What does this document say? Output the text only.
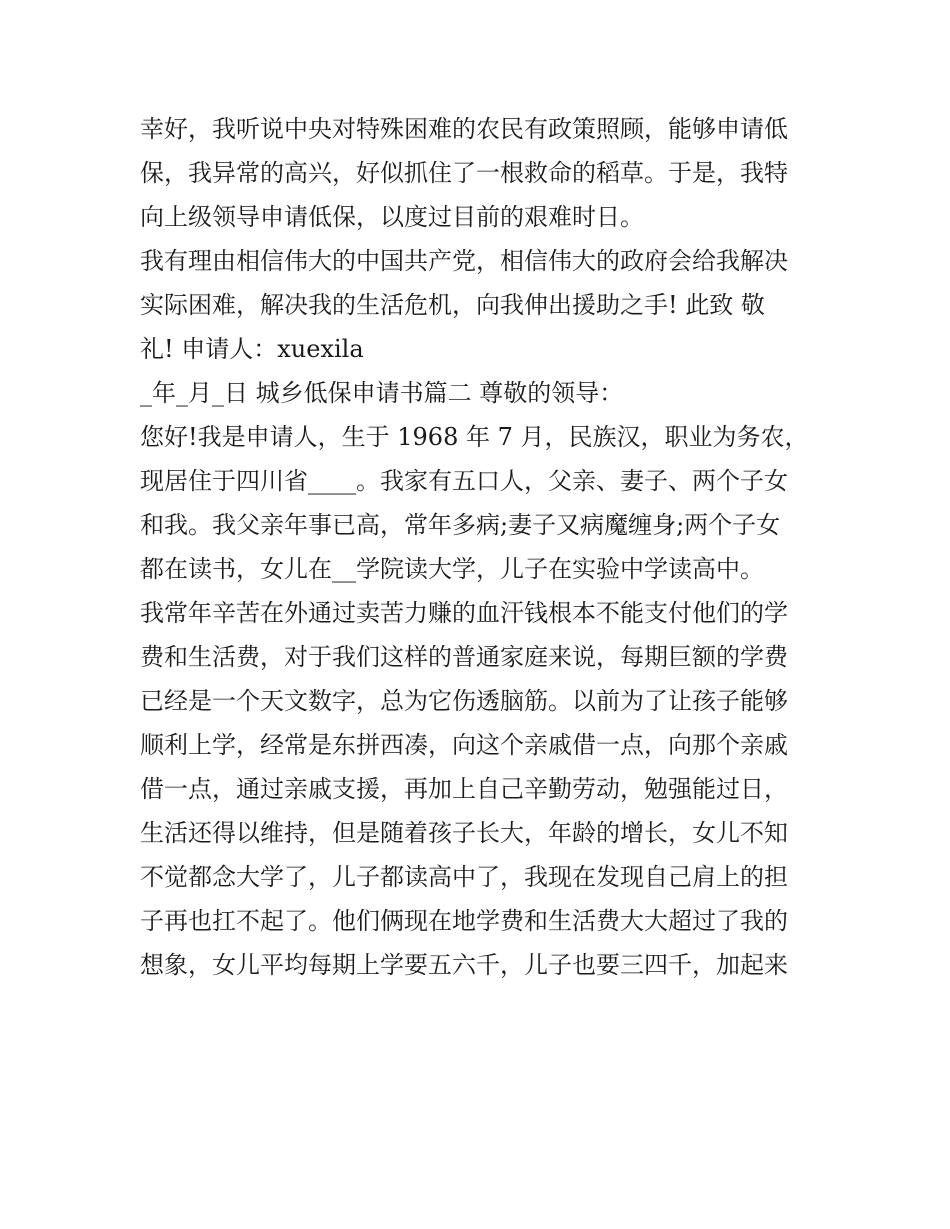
幸好，我听说中央对特殊困难的农民有政策照顾，能够申请低
保，我异常的高兴，好似抓住了一根救命的稻草。于是，我特
向上级领导申请低保，以度过目前的艰难时日。
我有理由相信伟大的中国共产党，相信伟大的政府会给我解决
实际困难，解决我的生活危机，向我伸出援助之手! 此致 敬
礼! 申请人：xuexila
_年_月_日 城乡低保申请书篇二 尊敬的领导：
您好!我是申请人，生于 1968 年 7 月，民族汉，职业为务农，
现居住于四川省____。我家有五口人，父亲、妻子、两个子女
和我。我父亲年事已高，常年多病;妻子又病魔缠身;两个子女
都在读书，女儿在__学院读大学，儿子在实验中学读高中。
我常年辛苦在外通过卖苦力赚的血汗钱根本不能支付他们的学
费和生活费，对于我们这样的普通家庭来说，每期巨额的学费
已经是一个天文数字，总为它伤透脑筋。以前为了让孩子能够
顺利上学，经常是东拼西凑，向这个亲戚借一点，向那个亲戚
借一点，通过亲戚支援，再加上自己辛勤劳动，勉强能过日，
生活还得以维持，但是随着孩子长大，年龄的增长，女儿不知
不觉都念大学了，儿子都读高中了，我现在发现自己肩上的担
子再也扛不起了。他们俩现在地学费和生活费大大超过了我的
想象，女儿平均每期上学要五六千，儿子也要三四千，加起来
